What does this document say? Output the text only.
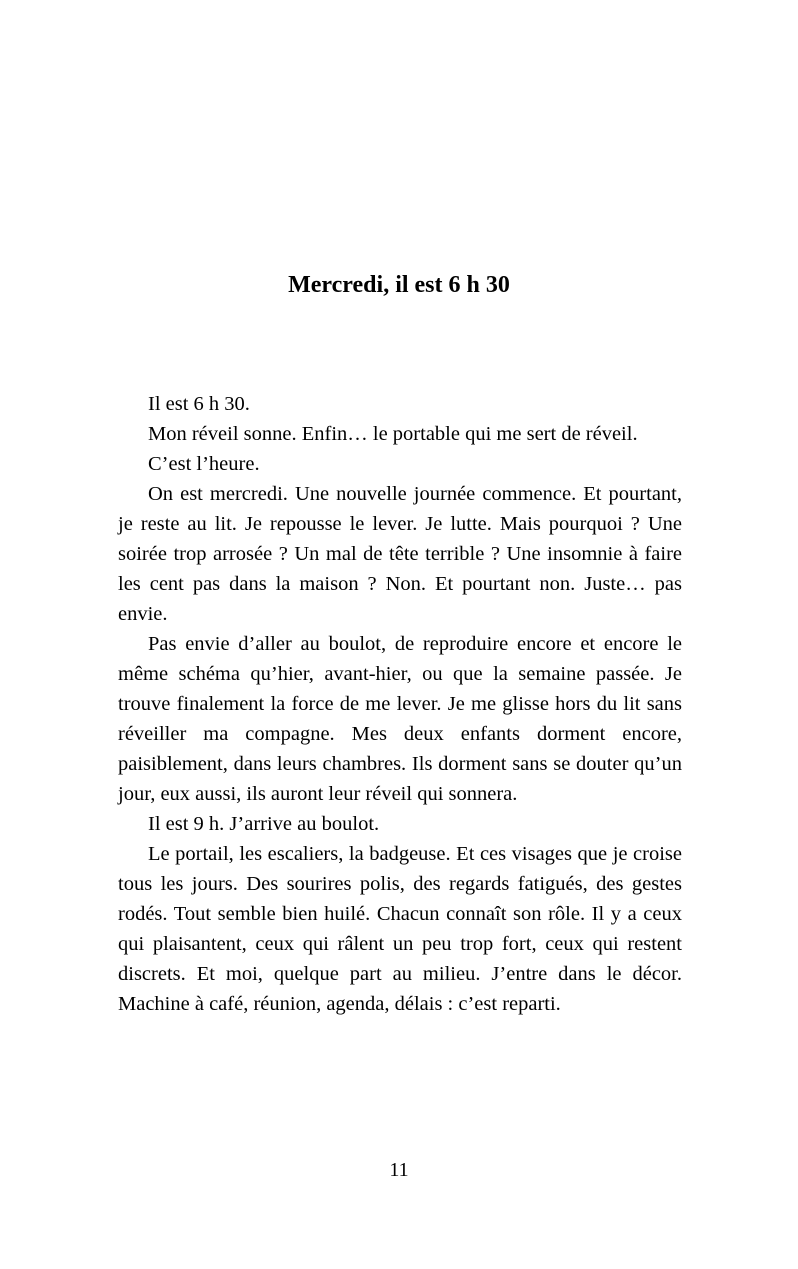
Mercredi, il est 6 h 30

Il est 6 h 30.

Mon réveil sonne. Enfin… le portable qui me sert de réveil.

C’est l’heure.

On est mercredi. Une nouvelle journée commence. Et pourtant, je reste au lit. Je repousse le lever. Je lutte. Mais pourquoi ? Une soirée trop arrosée ? Un mal de tête terrible ? Une insomnie à faire les cent pas dans la maison ? Non. Et pourtant non. Juste… pas envie.

Pas envie d’aller au boulot, de reproduire encore et encore le même schéma qu’hier, avant-hier, ou que la semaine passée. Je trouve finalement la force de me lever. Je me glisse hors du lit sans réveiller ma compagne. Mes deux enfants dorment encore, paisiblement, dans leurs chambres. Ils dorment sans se douter qu’un jour, eux aussi, ils auront leur réveil qui sonnera.

Il est 9 h. J’arrive au boulot.

Le portail, les escaliers, la badgeuse. Et ces visages que je croise tous les jours. Des sourires polis, des regards fatigués, des gestes rodés. Tout semble bien huilé. Chacun connaît son rôle. Il y a ceux qui plaisantent, ceux qui râlent un peu trop fort, ceux qui restent discrets. Et moi, quelque part au milieu. J’entre dans le décor. Machine à café, réunion, agenda, délais : c’est reparti.

11
